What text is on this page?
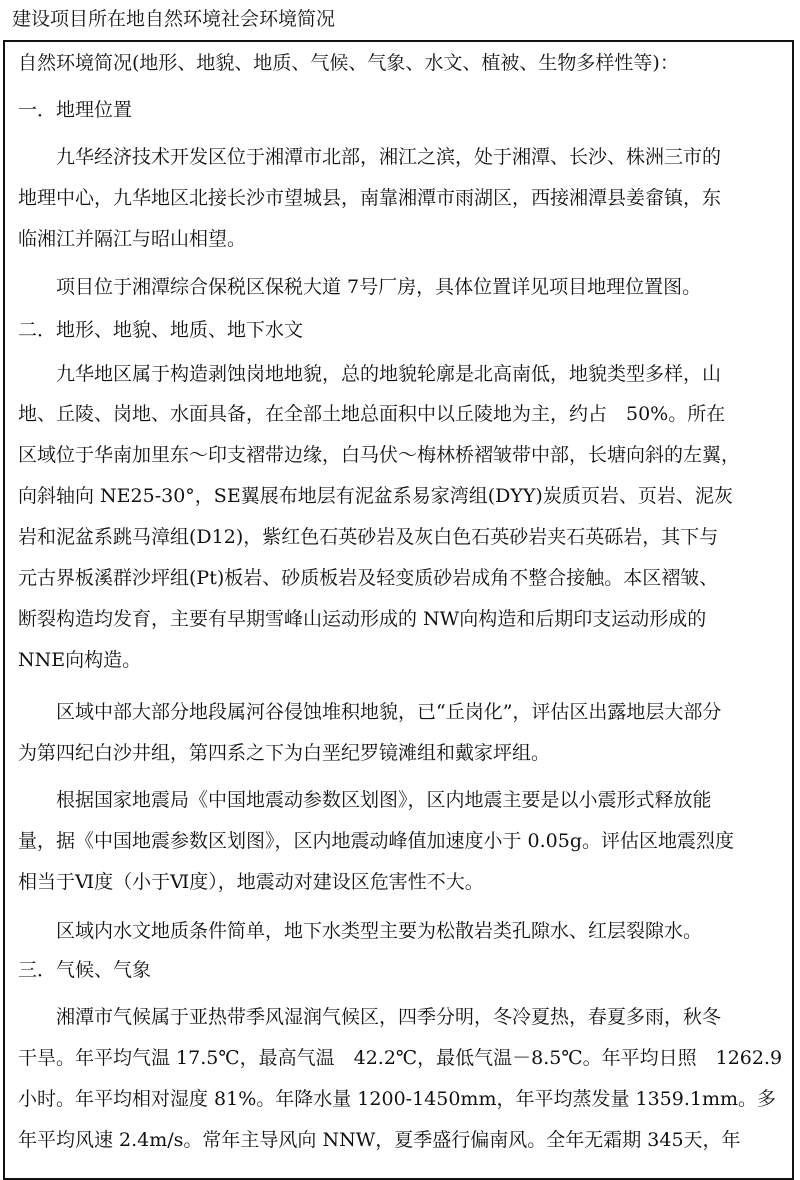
建设项目所在地自然环境社会环境简况
自然环境简况(地形、地貌、地质、气候、气象、水文、植被、生物多样性等)：
一．地理位置
九华经济技术开发区位于湘潭市北部，湘江之滨，处于湘潭、长沙、株洲三市的
地理中心，九华地区北接长沙市望城县，南靠湘潭市雨湖区，西接湘潭县姜畲镇，东
临湘江并隔江与昭山相望。
项目位于湘潭综合保税区保税大道 7号厂房，具体位置详见项目地理位置图。
二．地形、地貌、地质、地下水文
九华地区属于构造剥蚀岗地地貌，总的地貌轮廓是北高南低，地貌类型多样，山
地、丘陵、岗地、水面具备，在全部土地总面积中以丘陵地为主，约占　50%。所在
区域位于华南加里东～印支褶带边缘，白马伏～梅林桥褶皱带中部，长塘向斜的左翼，
向斜轴向 NE25-30°，SE翼展布地层有泥盆系易家湾组(DYY)炭质页岩、页岩、泥灰
岩和泥盆系跳马漳组(D12)，紫红色石英砂岩及灰白色石英砂岩夹石英砾岩，其下与
元古界板溪群沙坪组(Pt)板岩、砂质板岩及轻变质砂岩成角不整合接触。本区褶皱、
断裂构造均发育，主要有早期雪峰山运动形成的 NW向构造和后期印支运动形成的
NNE向构造。
区域中部大部分地段属河谷侵蚀堆积地貌，已“丘岗化”，评估区出露地层大部分
为第四纪白沙井组，第四系之下为白垩纪罗镜滩组和戴家坪组。
根据国家地震局《中国地震动参数区划图》，区内地震主要是以小震形式释放能
量，据《中国地震参数区划图》，区内地震动峰值加速度小于 0.05g。评估区地震烈度
相当于Ⅵ度（小于Ⅵ度），地震动对建设区危害性不大。
区域内水文地质条件简单，地下水类型主要为松散岩类孔隙水、红层裂隙水。
三．气候、气象
湘潭市气候属于亚热带季风湿润气候区，四季分明，冬冷夏热，春夏多雨，秋冬
干旱。年平均气温 17.5℃，最高气温　42.2℃，最低气温－8.5℃。年平均日照　1262.9
小时。年平均相对湿度 81%。年降水量 1200-1450mm，年平均蒸发量 1359.1mm。多
年平均风速 2.4m/s。常年主导风向 NNW，夏季盛行偏南风。全年无霜期 345天，年
